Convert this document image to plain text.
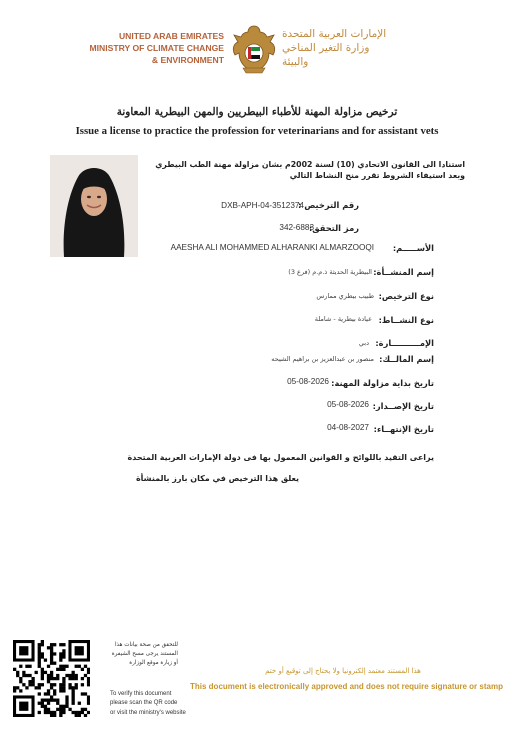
UNITED ARAB EMIRATES
MINISTRY OF CLIMATE CHANGE
& ENVIRONMENT
الإمارات العربية المتحدة
وزارة التغير المناخي
والبيئة
ترخيص مزاولة المهنة للأطباء البيطريين والمهن البيطرية المعاونة
Issue a license to practice the profession for veterinarians and for assistant vets
استنادا الى القانون الاتحادي (10) لسنة 2002م بشان مزاولة مهنة الطب البيطري
وبعد استيفاء الشروط تقرر منح النشاط التالي
رقم الترخيص :
DXB-APH-04-3512374
رمز التحقق:
342-6883
الأســـــم:
AAESHA ALI MOHAMMED ALHARANKI ALMARZOOQI
إسم المنشــأة:
البيطرية الحديثة ذ.م.م (فرع 3)
نوع الترخيص:
طبيب بيطري ممارس
نوع النشــاط:
عيادة بيطرية - شاملة
الإمــــــــــارة:
دبي
إسم المالــك:
منصور بن عبدالعزيز بن براهيم الشيحه
تاريخ بداية مزاولة المهنة:
05-08-2026
تاريخ الإصــدار:
05-08-2026
تاريخ الإنتهــاء:
04-08-2027
يراعى التقيد باللوائح و القوانين المعمول بها فى دولة الإمارات العربية المتحدة
يعلق هذا الترخيص في مكان بارز بالمنشأة
للتحقق من صحة بيانات هذا
المستند يرجى مسح الشيفرة
أو زيارة موقع الوزارة
To verify this document
please scan the QR code
or visit the ministry's website
هذا المستند معتمد إلكترونيا ولا يحتاج إلى توقيع أو ختم
This document is electronically approved and does not require signature or stamp
